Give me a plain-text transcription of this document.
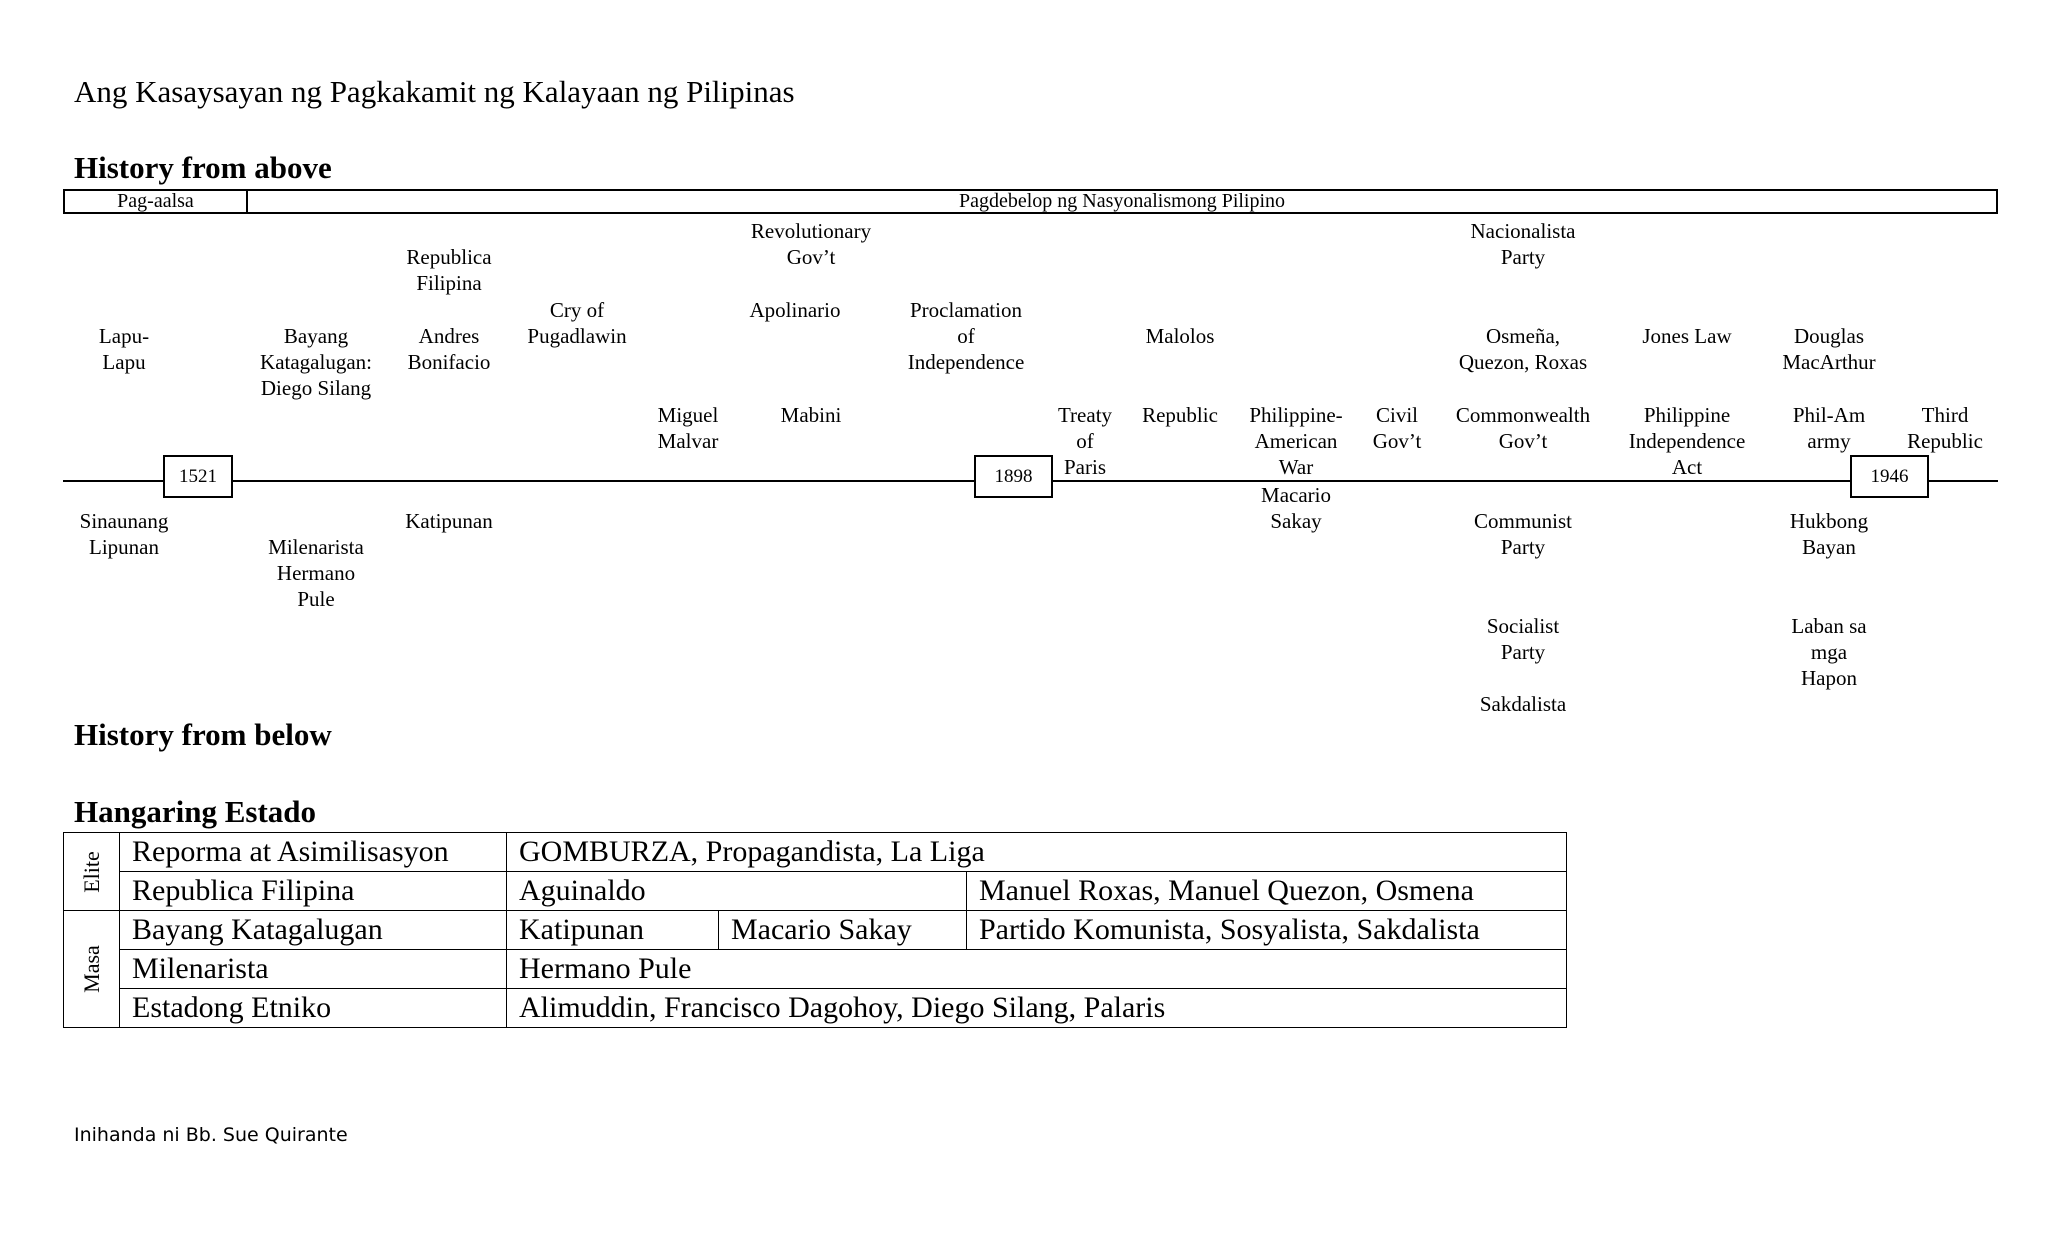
Ang Kasaysayan ng Pagkakamit ng Kalayaan ng Pilipinas
History from above
Pag-aalsa	Pagdebelop ng Nasyonalismong Pilipino
Lapu-
Lapu
Bayang
Katagalugan:
Diego Silang
Republica
Filipina
Andres
Bonifacio
Cry of
Pugadlawin
Miguel
Malvar
Revolutionary
Gov’t
Apolinario
Mabini
Proclamation
of
Independence
Treaty
of
Paris
Malolos
Republic Philippine-
American
War
Civil
Gov’t
Nacionalista
Party
Osmeña,
Quezon, Roxas
Commonwealth
Gov’t
Jones Law
Philippine
Independence
Act
Douglas
MacArthur
Phil-Am
army
Third
Republic
1521	1898	1946
Sinaunang
Lipunan	Milenarista
Hermano
Pule
Katipunan
Macario
Sakay	Communist
Party
Socialist
Party
Sakdalista
Hukbong
Bayan
Laban sa
mga
Hapon
History from below
Hangaring Estado
Elite	Reporma at Asimilisasyon	GOMBURZA, Propagandista, La Liga		
	Republica Filipina	Aguinaldo		Manuel Roxas, Manuel Quezon, Osmena
Masa	Bayang Katagalugan	Katipunan	Macario Sakay	Partido Komunista, Sosyalista, Sakdalista
	Milenarista	Hermano Pule		
	Estadong Etniko	Alimuddin, Francisco Dagohoy, Diego Silang, Palaris		
Inihanda ni Bb. Sue Quirante
